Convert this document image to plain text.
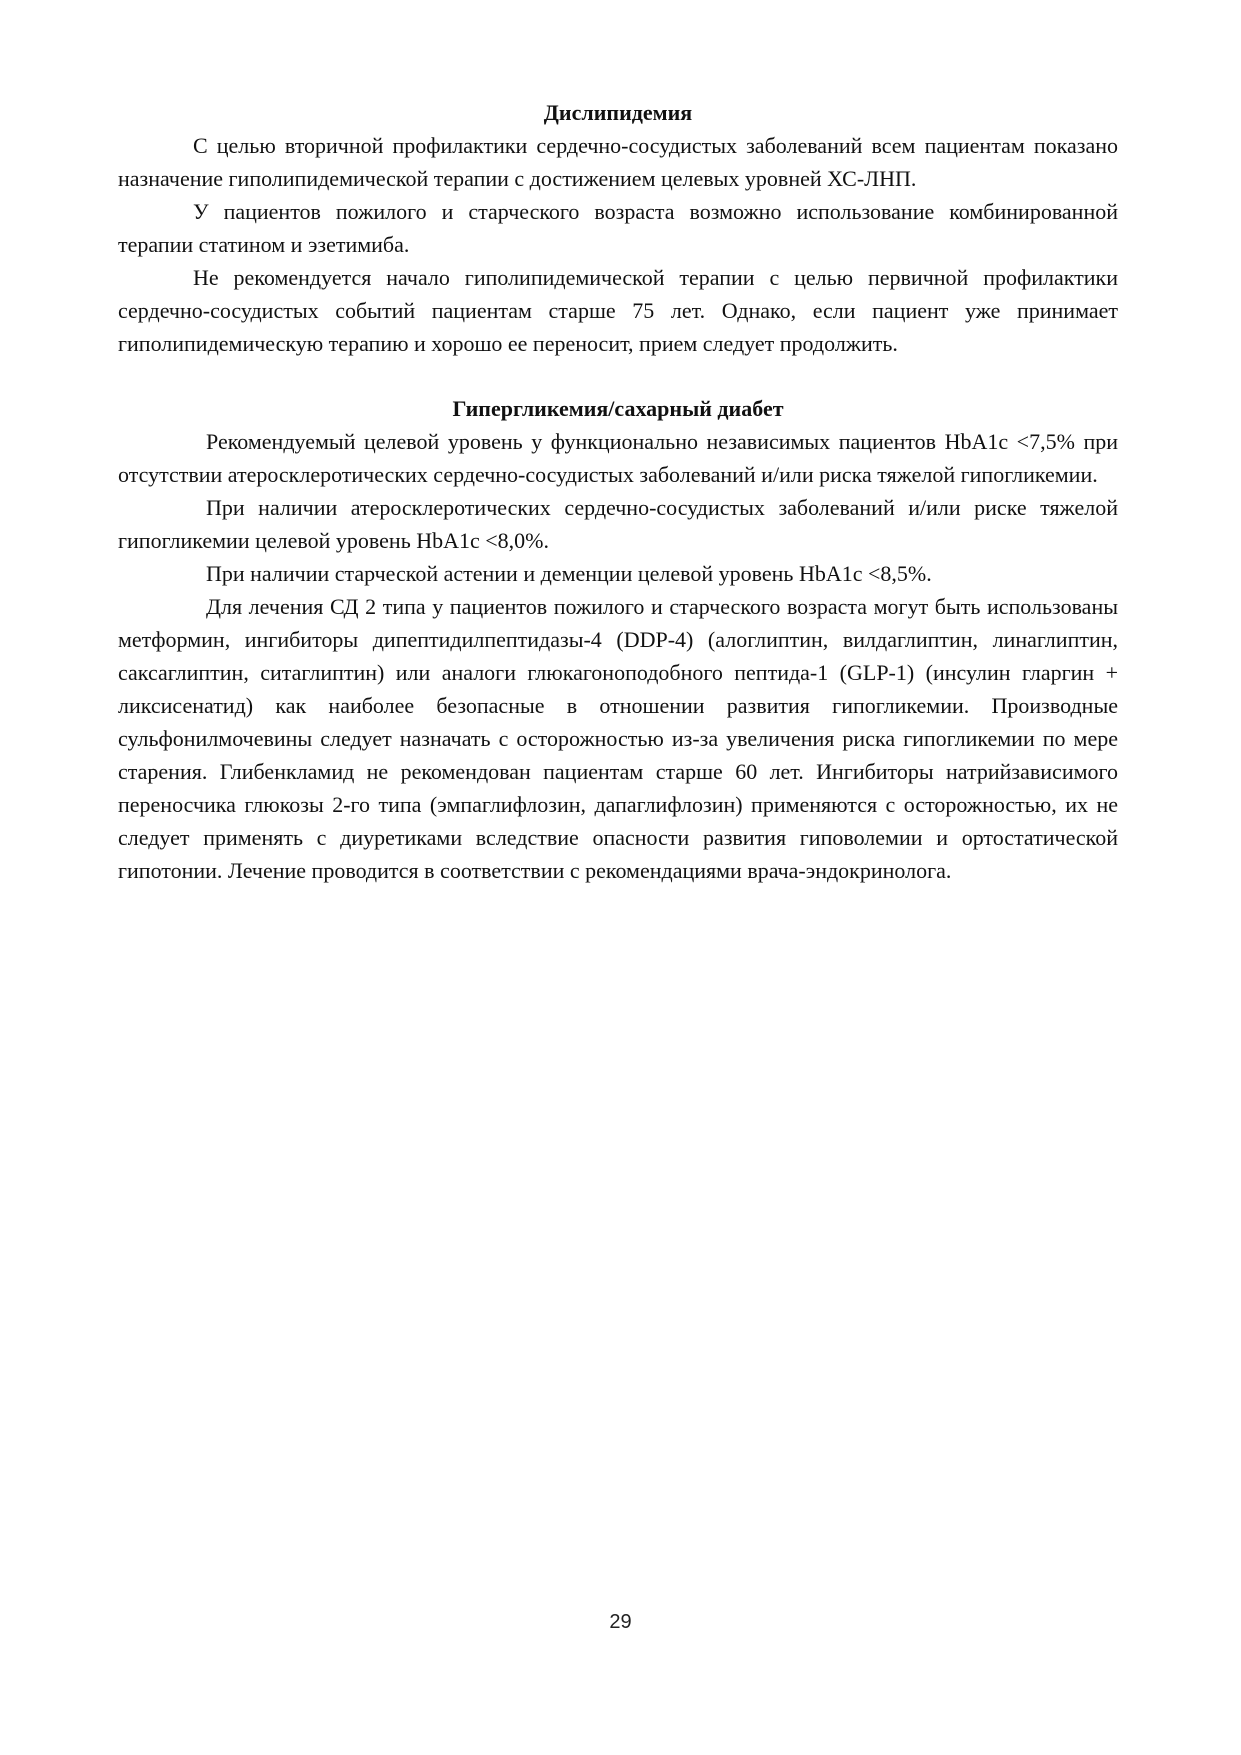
Дислипидемия

С целью вторичной профилактики сердечно-сосудистых заболеваний всем пациентам показано назначение гиполипидемической терапии с достижением целевых уровней ХС-ЛНП.

У пациентов пожилого и старческого возраста возможно использование комбинированной терапии статином и эзетимиба.

Не рекомендуется начало гиполипидемической терапии с целью первичной профилактики сердечно-сосудистых событий пациентам старше 75 лет. Однако, если пациент уже принимает гиполипидемическую терапию и хорошо ее переносит, прием следует продолжить.

Гипергликемия/сахарный диабет

Рекомендуемый целевой уровень у функционально независимых пациентов HbA1c <7,5% при отсутствии атеросклеротических сердечно-сосудистых заболеваний и/или риска тяжелой гипогликемии.

При наличии атеросклеротических сердечно-сосудистых заболеваний и/или риске тяжелой гипогликемии целевой уровень HbA1c <8,0%.

При наличии старческой астении и деменции целевой уровень HbA1c <8,5%.

Для лечения СД 2 типа у пациентов пожилого и старческого возраста могут быть использованы метформин, ингибиторы дипептидилпептидазы-4 (DDP-4) (алоглиптин, вилдаглиптин, линаглиптин, саксаглиптин, ситаглиптин) или аналоги глюкагоноподобного пептида-1 (GLP-1) (инсулин гларгин + ликсисенатид) как наиболее безопасные в отношении развития гипогликемии. Производные сульфонилмочевины следует назначать с осторожностью из-за увеличения риска гипогликемии по мере старения. Глибенкламид не рекомендован пациентам старше 60 лет. Ингибиторы натрийзависимого переносчика глюкозы 2-го типа (эмпаглифлозин, дапаглифлозин) применяются с осторожностью, их не следует применять с диуретиками вследствие опасности развития гиповолемии и ортостатической гипотонии. Лечение проводится в соответствии с рекомендациями врача-эндокринолога.

29
